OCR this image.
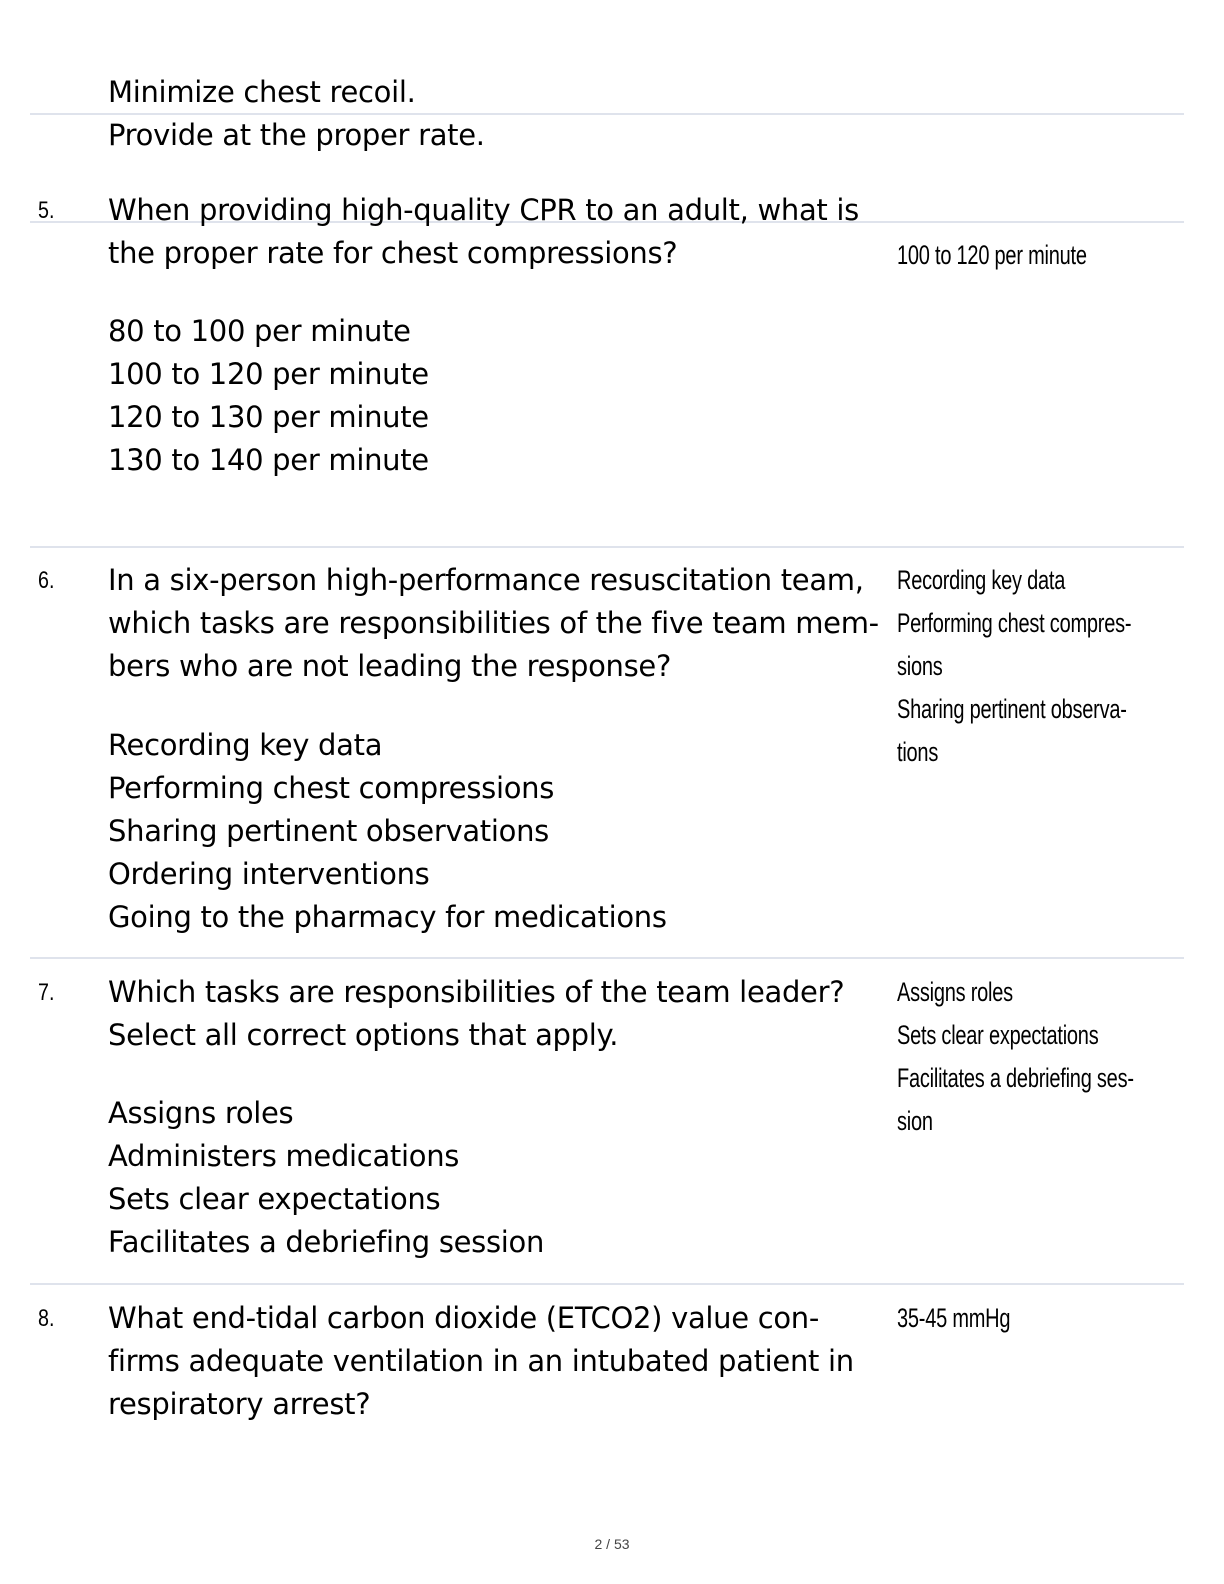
Minimize chest recoil.
Provide at the proper rate.
5. When providing high-quality CPR to an adult, what is
the proper rate for chest compressions?	100 to 120 per minute
80 to 100 per minute
100 to 120 per minute
120 to 130 per minute
130 to 140 per minute
6. In a six-person high-performance resuscitation team,
which tasks are responsibilities of the five team mem-
bers who are not leading the response?
Recording key data
Performing chest compres-
sions
Sharing pertinent observa-
tions
Recording key data
Performing chest compressions
Sharing pertinent observations
Ordering interventions
Going to the pharmacy for medications
7. Which tasks are responsibilities of the team leader?
Select all correct options that apply.
Assigns roles
Sets clear expectations
Facilitates a debriefing ses-
sion
Assigns roles
Administers medications
Sets clear expectations
Facilitates a debriefing session
8. What end-tidal carbon dioxide (ETCO2) value con-
firms adequate ventilation in an intubated patient in
respiratory arrest?
35-45 mmHg
2 / 53
